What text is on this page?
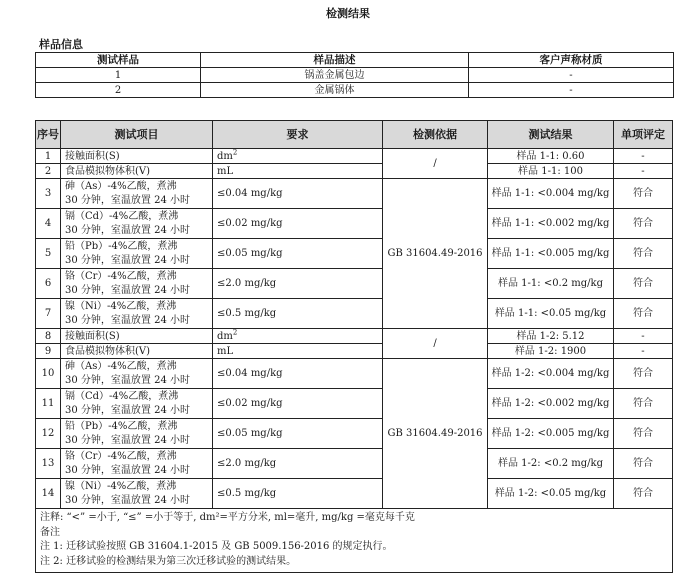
检测结果
样品信息
测试样品	样品描述	客户声称材质
1	锅盖金属包边	-
2	金属锅体	-
序号	测试项目	要求	检测依据	测试结果	单项评定
1	接触面积(S)	$dm^2$	/	样品 1-1: 0.60	-
2	食品模拟物体积(V)	mL		样品 1-1: 100	-
3	砷（As）-4%乙酸，煮沸
30 分钟，室温放置 24 小时	≤0.04 mg/kg	GB 31604.49-2016	样品 1-1: <0.004 mg/kg	符合
4	镉（Cd）-4%乙酸，煮沸
30 分钟，室温放置 24 小时	≤0.02 mg/kg		样品 1-1: <0.002 mg/kg	符合
5	铅（Pb）-4%乙酸，煮沸
30 分钟，室温放置 24 小时	≤0.05 mg/kg		样品 1-1: <0.005 mg/kg	符合
6	铬（Cr）-4%乙酸，煮沸
30 分钟，室温放置 24 小时	≤2.0 mg/kg		样品 1-1: <0.2 mg/kg	符合
7	镍（Ni）-4%乙酸，煮沸
30 分钟，室温放置 24 小时	≤0.5 mg/kg		样品 1-1: <0.05 mg/kg	符合
8	接触面积(S)	$dm^2$	/	样品 1-2: 5.12	-
9	食品模拟物体积(V)	mL		样品 1-2: 1900	-
10	砷（As）-4%乙酸，煮沸
30 分钟，室温放置 24 小时	≤0.04 mg/kg	GB 31604.49-2016	样品 1-2: <0.004 mg/kg	符合
11	镉（Cd）-4%乙酸，煮沸
30 分钟，室温放置 24 小时	≤0.02 mg/kg		样品 1-2: <0.002 mg/kg	符合
12	铅（Pb）-4%乙酸，煮沸
30 分钟，室温放置 24 小时	≤0.05 mg/kg		样品 1-2: <0.005 mg/kg	符合
13	铬（Cr）-4%乙酸，煮沸
30 分钟，室温放置 24 小时	≤2.0 mg/kg		样品 1-2: <0.2 mg/kg	符合
14	镍（Ni）-4%乙酸，煮沸
30 分钟，室温放置 24 小时	≤0.5 mg/kg		样品 1-2: <0.05 mg/kg	符合

注释: “<” =小于, “≤” =小于等于, dm²=平方分米, ml=毫升, mg/kg =毫克每千克
备注
注 1: 迁移试验按照 GB 31604.1-2015 及 GB 5009.156-2016 的规定执行。
注 2: 迁移试验的检测结果为第三次迁移试验的测试结果。					
